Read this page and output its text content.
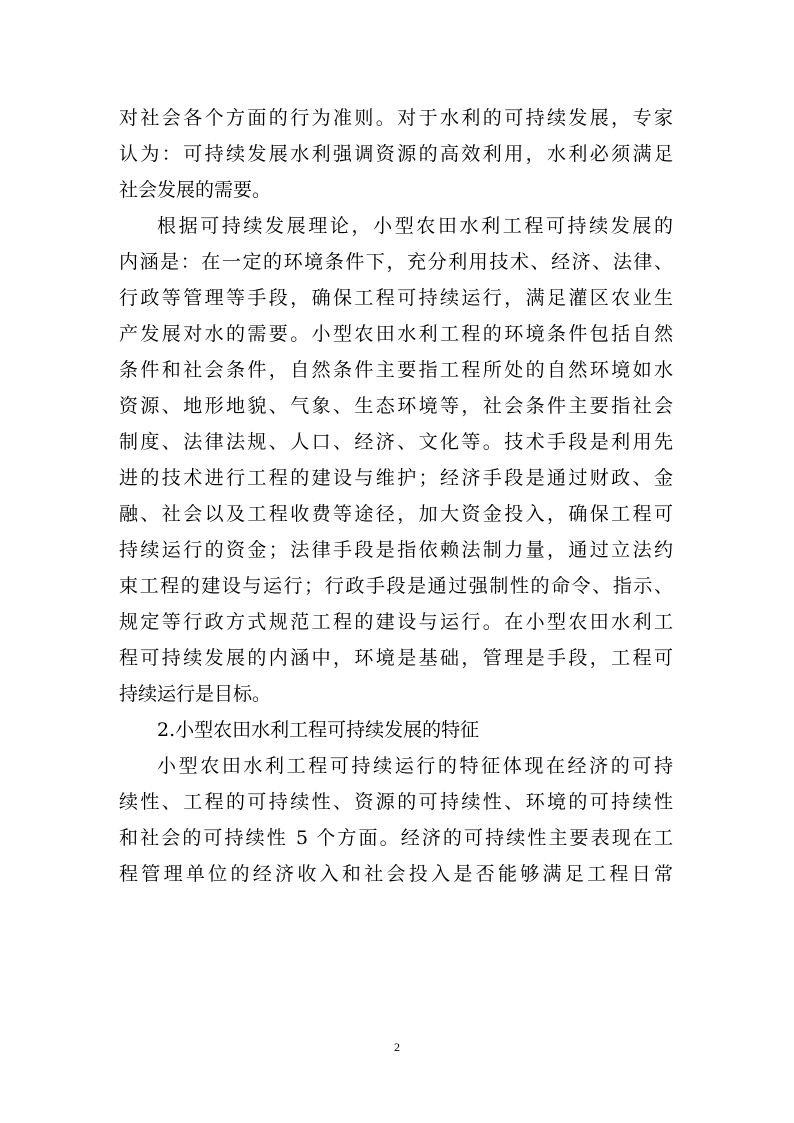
对社会各个方面的行为准则。对于水利的可持续发展，专家
认为：可持续发展水利强调资源的高效利用，水利必须满足
社会发展的需要。
根据可持续发展理论，小型农田水利工程可持续发展的
内涵是：在一定的环境条件下，充分利用技术、经济、法律、
行政等管理等手段，确保工程可持续运行，满足灌区农业生
产发展对水的需要。小型农田水利工程的环境条件包括自然
条件和社会条件，自然条件主要指工程所处的自然环境如水
资源、地形地貌、气象、生态环境等，社会条件主要指社会
制度、法律法规、人口、经济、文化等。技术手段是利用先
进的技术进行工程的建设与维护；经济手段是通过财政、金
融、社会以及工程收费等途径，加大资金投入，确保工程可
持续运行的资金；法律手段是指依赖法制力量，通过立法约
束工程的建设与运行；行政手段是通过强制性的命令、指示、
规定等行政方式规范工程的建设与运行。在小型农田水利工
程可持续发展的内涵中，环境是基础，管理是手段，工程可
持续运行是目标。
2.小型农田水利工程可持续发展的特征
小型农田水利工程可持续运行的特征体现在经济的可持
续性、工程的可持续性、资源的可持续性、环境的可持续性
和社会的可持续性 5 个方面。经济的可持续性主要表现在工
程管理单位的经济收入和社会投入是否能够满足工程日常
2
